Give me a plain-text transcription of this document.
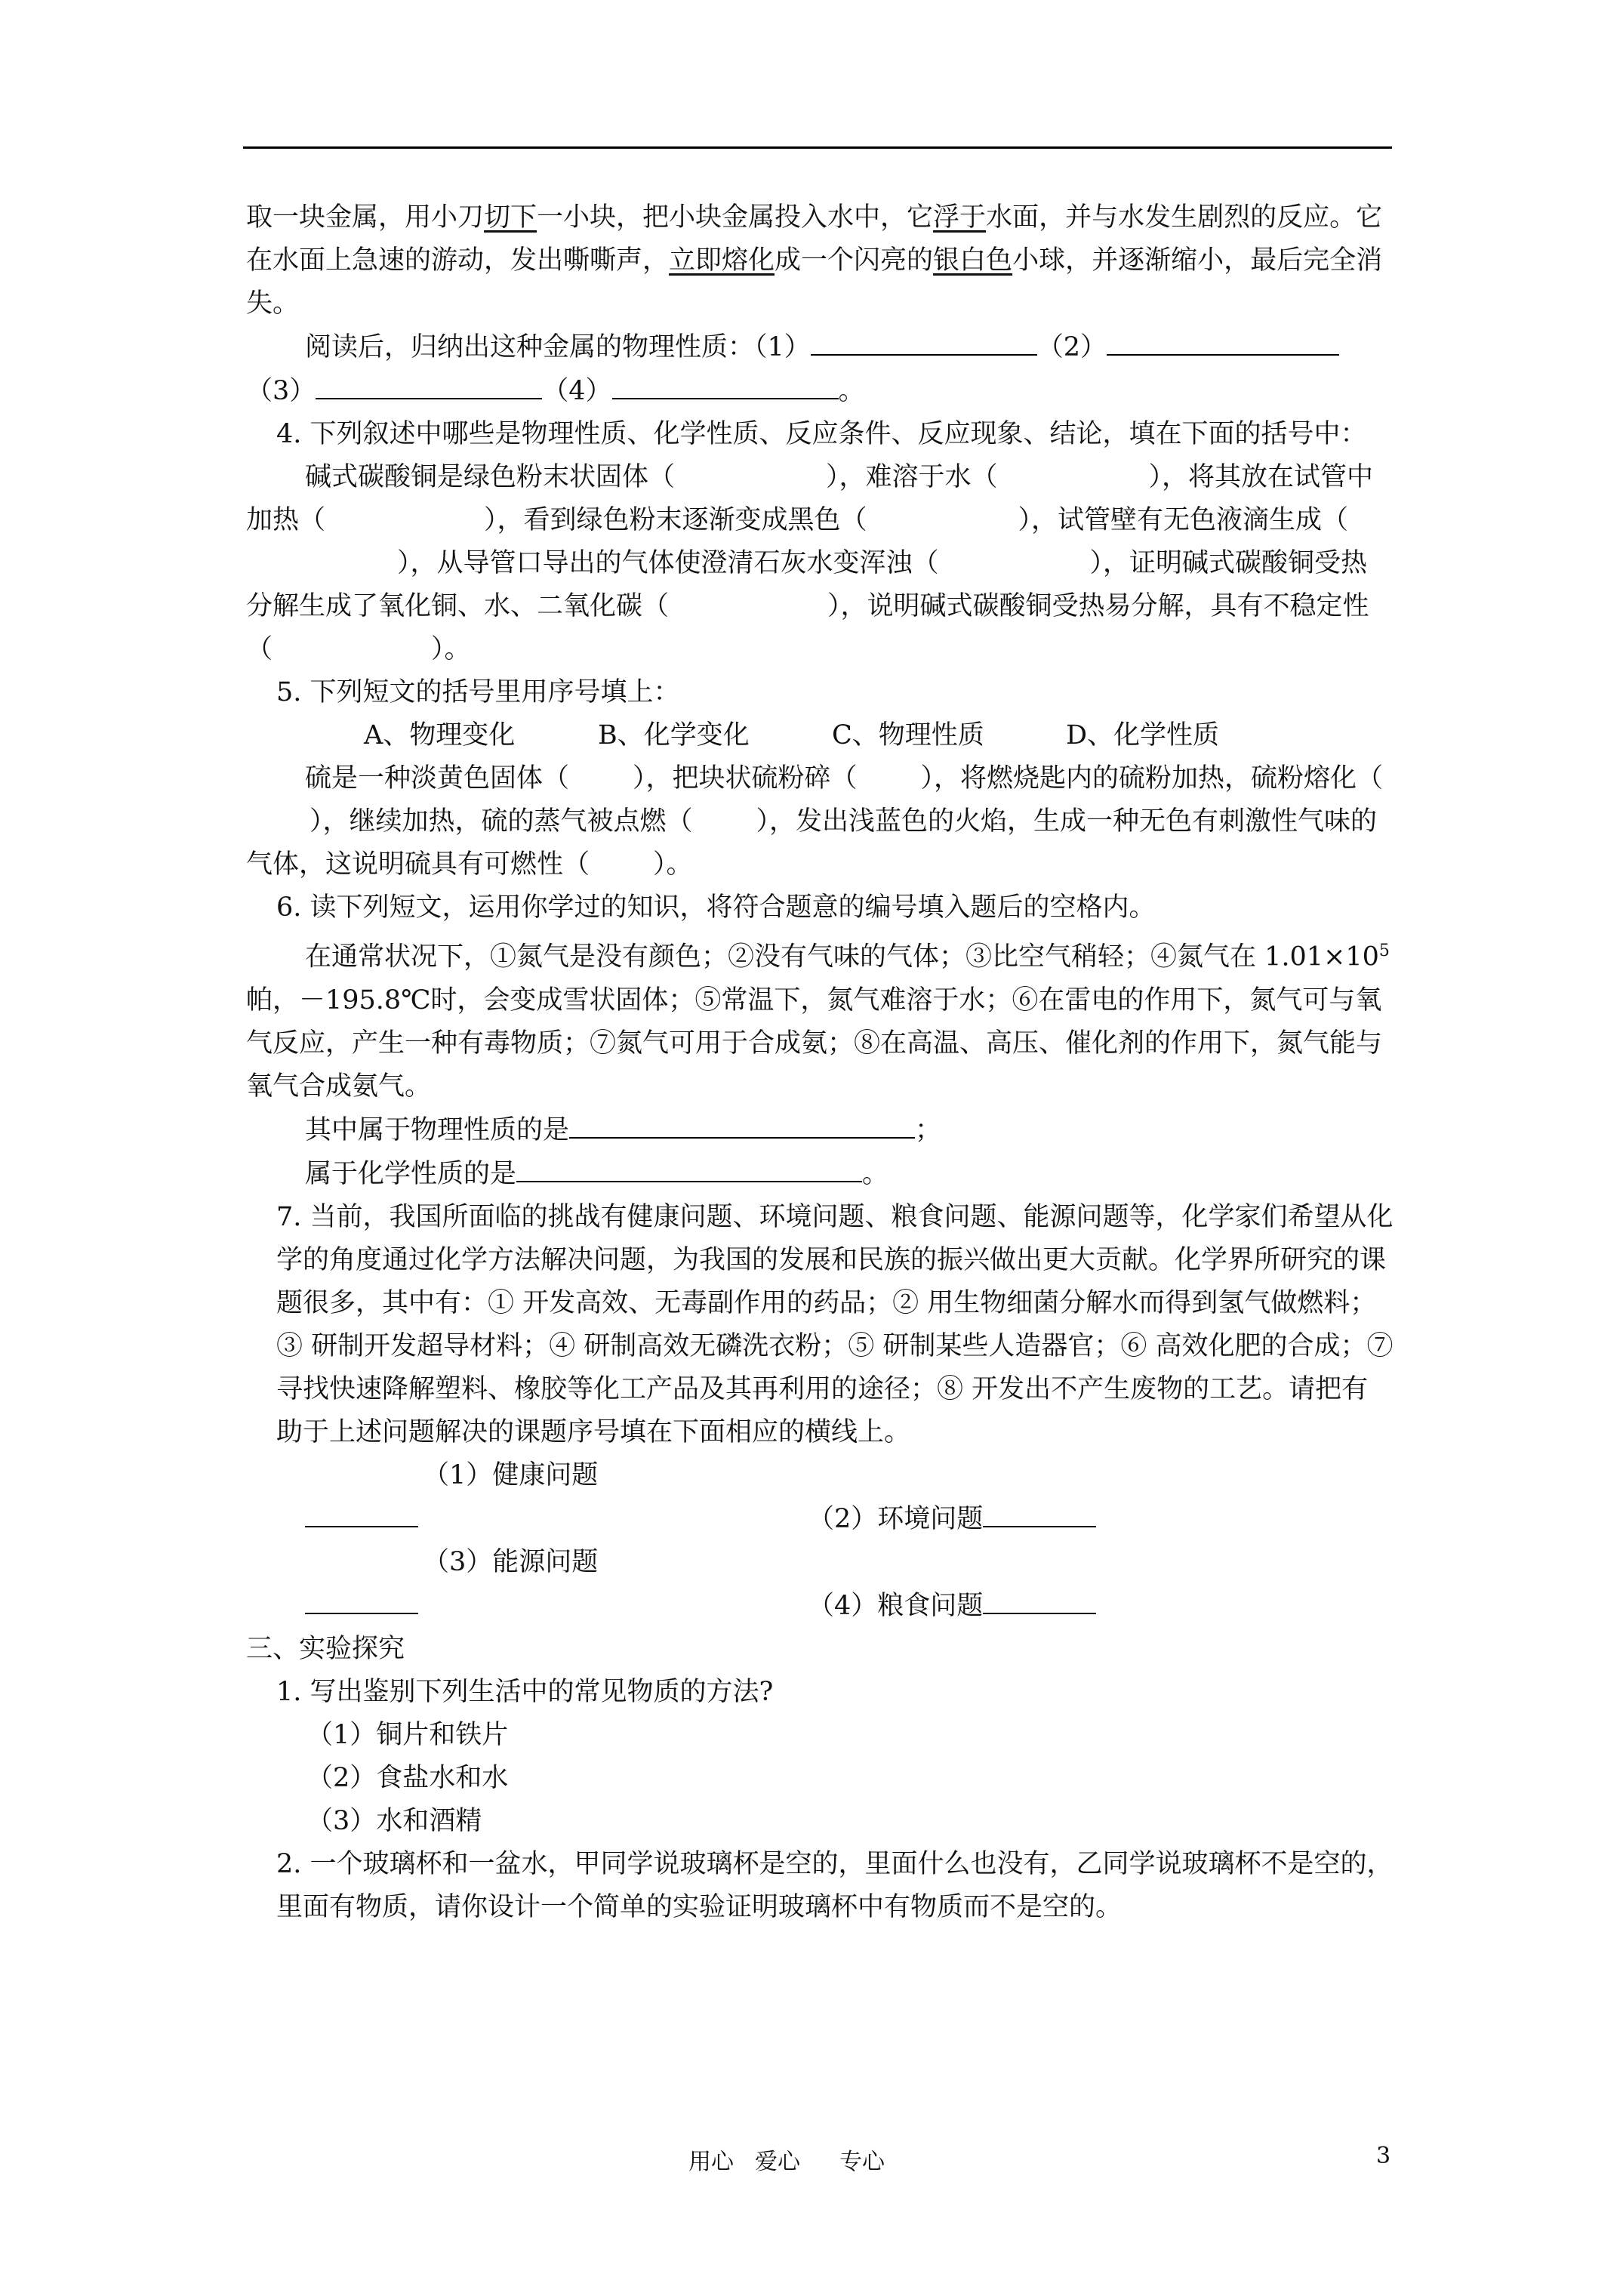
取一块金属，用小刀切下一小块，把小块金属投入水中，它浮于水面，并与水发生剧烈的反应。它在水面上急速的游动，发出嘶嘶声，立即熔化成一个闪亮的银白色小球，并逐渐缩小，最后完全消失。

阅读后，归纳出这种金属的物理性质：（1）	（2）（3）	（4）	。

4. 下列叙述中哪些是物理性质、化学性质、反应条件、反应现象、结论，填在下面的括号中：

碱式碳酸铜是绿色粉末状固体（	），难溶于水（	），将其放在试管中加热（	），看到绿色粉末逐渐变成黑色（	），试管壁有无色液滴生成（），从导管口导出的气体使澄清石灰水变浑浊（	），证明碱式碳酸铜受热分解生成了氧化铜、水、二氧化碳（	），说明碱式碳酸铜受热易分解，具有不稳定性（	）。

5. 下列短文的括号里用序号填上：

A、物理变化	B、化学变化	C、物理性质	D、化学性质

硫是一种淡黄色固体（ ），把块状硫粉碎（ ），将燃烧匙内的硫粉加热，硫粉熔化（），继续加热，硫的蒸气被点燃（ ），发出浅蓝色的火焰，生成一种无色有刺激性气味的气体，这说明硫具有可燃性（ ）。

6. 读下列短文，运用你学过的知识，将符合题意的编号填入题后的空格内。

在通常状况下，①氮气是没有颜色；②没有气味的气体；③比空气稍轻；④氮气在 $1.01\times 10^5$ 帕，－195.8℃时，会变成雪状固体；⑤常温下，氮气难溶于水；⑥在雷电的作用下，氮气可与氧气反应，产生一种有毒物质；⑦氮气可用于合成氨；⑧在高温、高压、催化剂的作用下，氮气能与氧气合成氨气。

其中属于物理性质的是	；

属于化学性质的是	。

7. 当前，我国所面临的挑战有健康问题、环境问题、粮食问题、能源问题等，化学家们希望从化学的角度通过化学方法解决问题，为我国的发展和民族的振兴做出更大贡献。化学界所研究的课题很多，其中有：① 开发高效、无毒副作用的药品；② 用生物细菌分解水而得到氢气做燃料；③ 研制开发超导材料；④ 研制高效无磷洗衣粉；⑤ 研制某些人造器官；⑥ 高效化肥的合成；⑦ 寻找快速降解塑料、橡胶等化工产品及其再利用的途径；⑧ 开发出不产生废物的工艺。请把有助于上述问题解决的课题序号填在下面相应的横线上。

（1）健康问题（2）环境问题

（3）能源问题（4）粮食问题

三、实验探究

1. 写出鉴别下列生活中的常见物质的方法?

（1）铜片和铁片

（2）食盐水和水

（3）水和酒精

2. 一个玻璃杯和一盆水，甲同学说玻璃杯是空的，里面什么也没有，乙同学说玻璃杯不是空的，里面有物质，请你设计一个简单的实验证明玻璃杯中有物质而不是空的。

用心 爱心 专心	3
